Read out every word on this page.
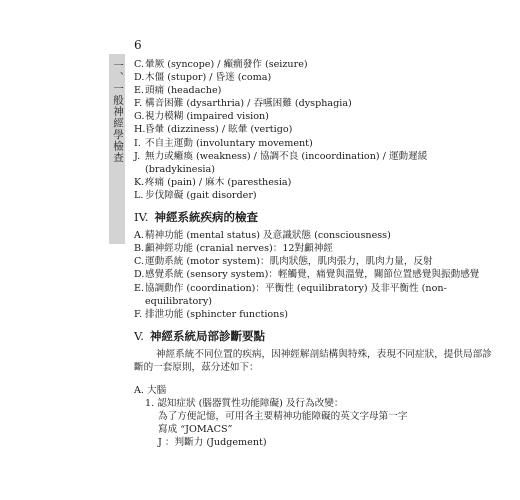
6
一、一般神經學檢查 C. 暈厥 (syncope) / 癲癇發作 (seizure)
D. 木僵 (stupor) / 昏迷 (coma)
E. 頭痛 (headache)
F. 構音困難 (dysarthria) / 吞嚥困難 (dysphagia)
G. 視力模糊 (impaired vision)
H. 昏暈 (dizziness) / 眩暈 (vertigo)
I. 不自主運動 (involuntary movement)
J. 無力或癱瘓 (weakness) / 協調不良 (incoordination) / 運動遲緩 (bradykinesia)
K. 疼痛 (pain) / 麻木 (paresthesia)
L. 步伐障礙 (gait disorder)
IV. 神經系統疾病的檢查
A. 精神功能 (mental status) 及意識狀態 (consciousness)
B. 顱神經功能 (cranial nerves)：12對顱神經
C. 運動系統 (motor system)：肌肉狀態，肌肉張力，肌肉力量，反射
D. 感覺系統 (sensory system)：輕觸覺，痛覺與溫覺，關節位置感覺與振動感覺
E. 協調動作 (coordination)：平衡性 (equilibratory) 及非平衡性 (non-equilibratory)
F. 排泄功能 (sphincter functions)
V. 神經系統局部診斷要點
神經系統不同位置的疾病，因神經解剖結構與特殊，表現不同症狀，提供局部診斷的一套原則，茲分述如下：
A. 大腦
1. 認知症狀 (腦器質性功能障礙) 及行為改變：
為了方便記憶，可用各主要精神功能障礙的英文字母第一字
寫成 “JOMACS”
J ：判斷力 (Judgement)
